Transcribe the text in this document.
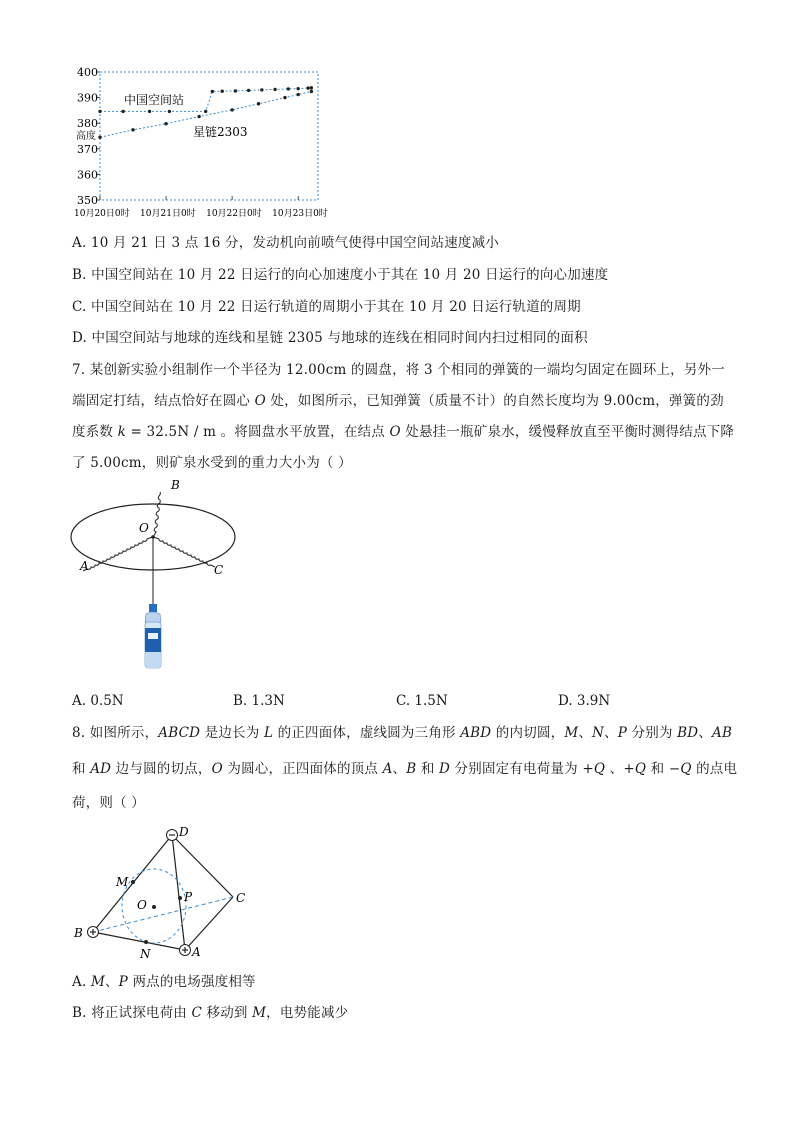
400
390
380
370
360
350
10月20日0时 10月21日0时 10月22日0时 10月23日0时
高度
中国空间站
星链2303
A. 10 月 21 日 3 点 16 分，发动机向前喷气使得中国空间站速度减小
B. 中国空间站在 10 月 22 日运行的向心加速度小于其在 10 月 20 日运行的向心加速度
C. 中国空间站在 10 月 22 日运行轨道的周期小于其在 10 月 20 日运行轨道的周期
D. 中国空间站与地球的连线和星链 2305 与地球的连线在相同时间内扫过相同的面积
7. 某创新实验小组制作一个半径为 12.00cm 的圆盘，将 3 个相同的弹簧的一端均匀固定在圆环上，另外一
端固定打结，结点恰好在圆心 O 处，如图所示，已知弹簧（质量不计）的自然长度均为 9.00cm，弹簧的劲
度系数 k = 32.5N / m 。将圆盘水平放置，在结点 O 处悬挂一瓶矿泉水，缓慢释放直至平衡时测得结点下降
了 5.00cm，则矿泉水受到的重力大小为（ ）
B
O
A	C
A. 0.5N	B. 1.3N	C. 1.5N	D. 3.9N
8. 如图所示，ABCD 是边长为 L 的正四面体，虚线圆为三角形 ABD 的内切圆，M、N、P 分别为 BD、AB
和 AD 边与圆的切点，O 为圆心，正四面体的顶点 A、B 和 D 分别固定有电荷量为 +Q 、+Q 和 −Q 的点电
荷，则（ ）
D
M
P
O	C
B
N	A
A. M、P 两点的电场强度相等
B. 将正试探电荷由 C 移动到 M，电势能减少
